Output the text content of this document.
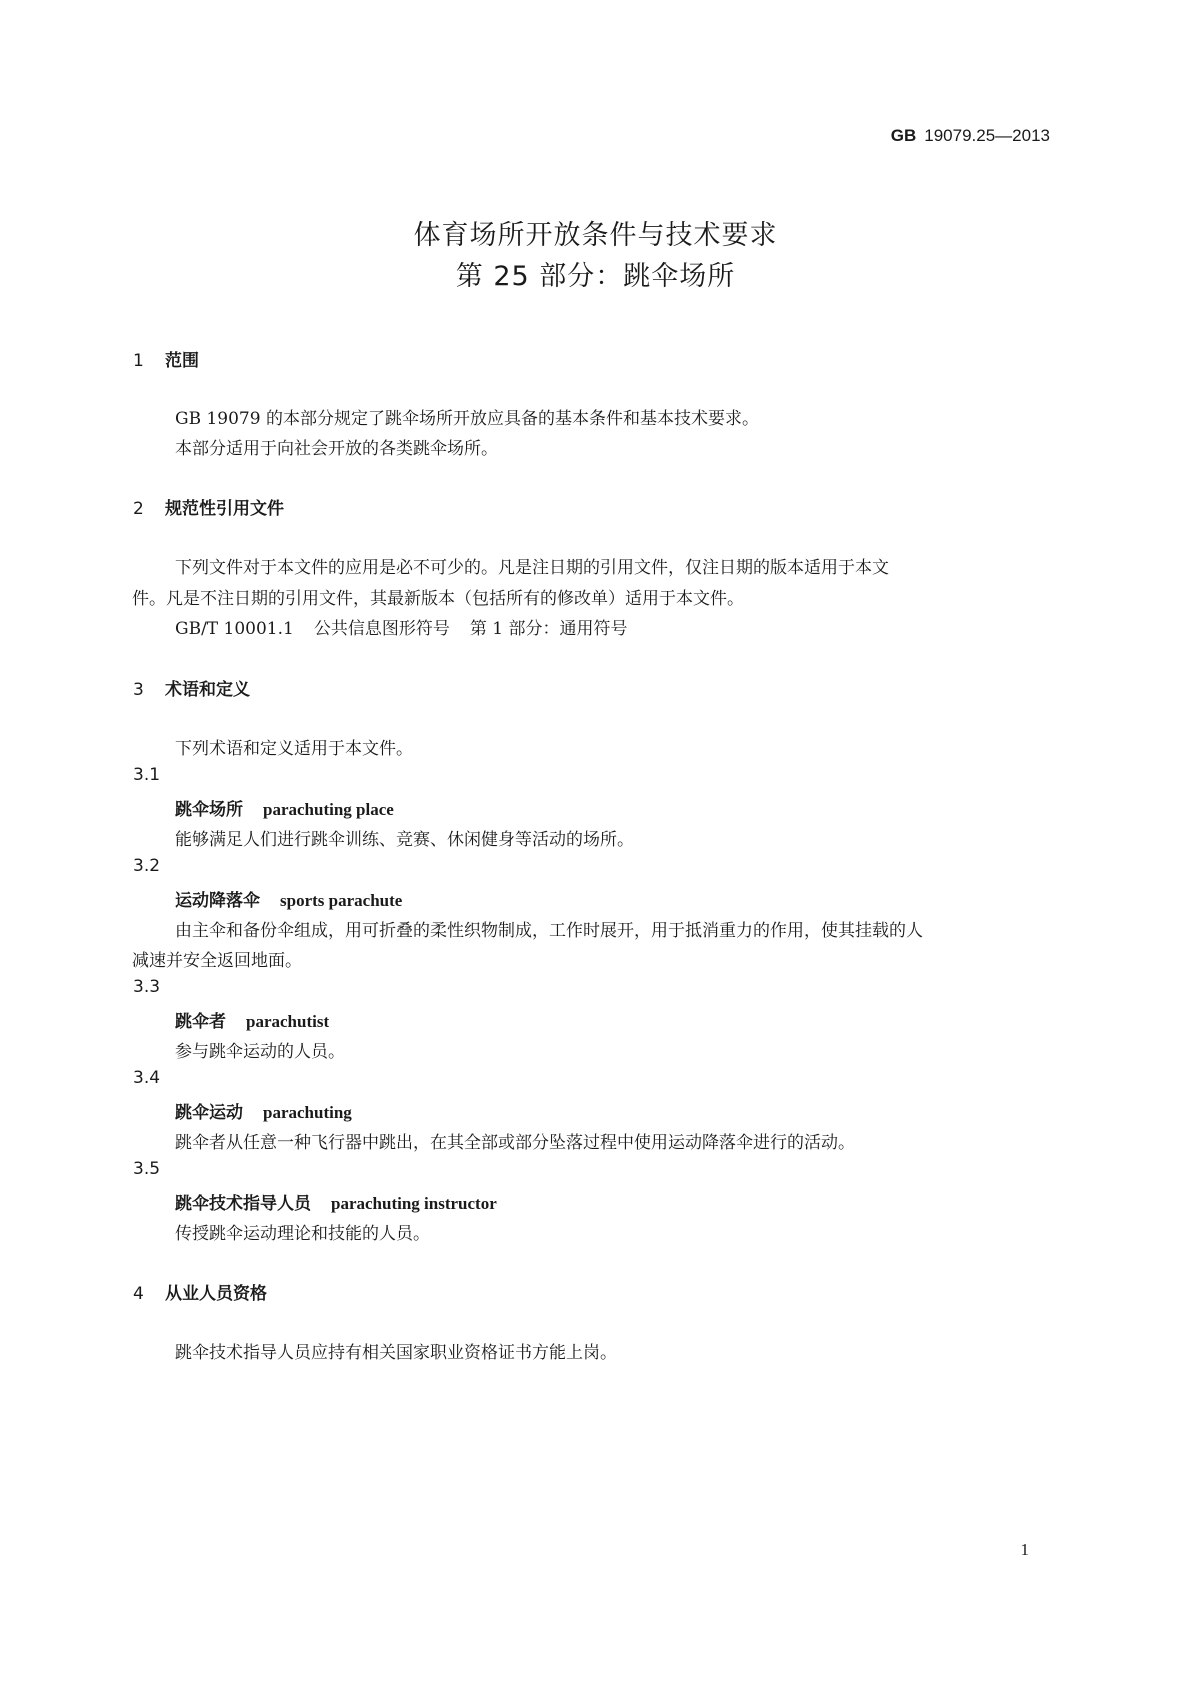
GB 19079.25—2013
体育场所开放条件与技术要求
第 25 部分：跳伞场所
1 范围
GB 19079 的本部分规定了跳伞场所开放应具备的基本条件和基本技术要求。
本部分适用于向社会开放的各类跳伞场所。
2 规范性引用文件
下列文件对于本文件的应用是必不可少的。凡是注日期的引用文件，仅注日期的版本适用于本文
件。凡是不注日期的引用文件，其最新版本（包括所有的修改单）适用于本文件。
GB/T 10001.1 公共信息图形符号 第 1 部分：通用符号
3 术语和定义
下列术语和定义适用于本文件。
3.1
跳伞场所 parachuting place
能够满足人们进行跳伞训练、竞赛、休闲健身等活动的场所。
3.2
运动降落伞 sports parachute
由主伞和备份伞组成，用可折叠的柔性织物制成，工作时展开，用于抵消重力的作用，使其挂载的人
减速并安全返回地面。
3.3
跳伞者 parachutist
参与跳伞运动的人员。
3.4
跳伞运动 parachuting
跳伞者从任意一种飞行器中跳出，在其全部或部分坠落过程中使用运动降落伞进行的活动。
3.5
跳伞技术指导人员 parachuting instructor
传授跳伞运动理论和技能的人员。
4 从业人员资格
跳伞技术指导人员应持有相关国家职业资格证书方能上岗。
1
